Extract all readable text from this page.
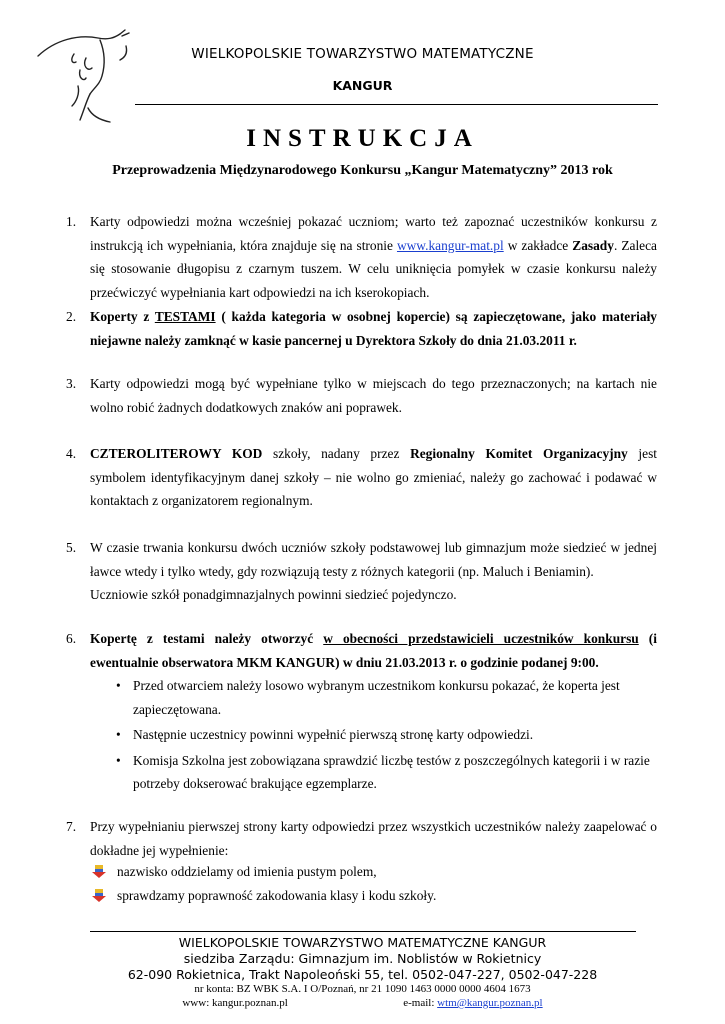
WIELKOPOLSKIE TOWARZYSTWO MATEMATYCZNE
KANGUR
INSTRUKCJA
Przeprowadzenia Międzynarodowego Konkursu „Kangur Matematyczny” 2013 rok
1. Karty odpowiedzi można wcześniej pokazać uczniom; warto też zapoznać uczestników konkursu z instrukcją ich wypełniania, która znajduje się na stronie www.kangur-mat.pl w zakładce Zasady. Zaleca się stosowanie długopisu z czarnym tuszem. W celu uniknięcia pomyłek w czasie konkursu należy przećwiczyć wypełniania kart odpowiedzi na ich kserokopiach.
2. Koperty z TESTAMI ( każda kategoria w osobnej kopercie) są zapieczętowane, jako materiały niejawne należy zamknąć w kasie pancernej u Dyrektora Szkoły do dnia 21.03.2011 r.
3. Karty odpowiedzi mogą być wypełniane tylko w miejscach do tego przeznaczonych; na kartach nie wolno robić żadnych dodatkowych znaków ani poprawek.
4. CZTEROLITEROWY KOD szkoły, nadany przez Regionalny Komitet Organizacyjny jest symbolem identyfikacyjnym danej szkoły – nie wolno go zmieniać, należy go zachować i podawać w kontaktach z organizatorem regionalnym.
5. W czasie trwania konkursu dwóch uczniów szkoły podstawowej lub gimnazjum może siedzieć w jednej ławce wtedy i tylko wtedy, gdy rozwiązują testy z różnych kategorii (np. Maluch i Beniamin).
Uczniowie szkół ponadgimnazjalnych powinni siedzieć pojedynczo.
6. Kopertę z testami należy otworzyć w obecności przedstawicieli uczestników konkursu (i ewentualnie obserwatora MKM KANGUR) w dniu 21.03.2013 r. o godzinie podanej 9:00.
• Przed otwarciem należy losowo wybranym uczestnikom konkursu pokazać, że koperta jest zapieczętowana.
• Następnie uczestnicy powinni wypełnić pierwszą stronę karty odpowiedzi.
• Komisja Szkolna jest zobowiązana sprawdzić liczbę testów z poszczególnych kategorii i w razie potrzeby dokserować brakujące egzemplarze.
7. Przy wypełnianiu pierwszej strony karty odpowiedzi przez wszystkich uczestników należy zaapelować o dokładne jej wypełnienie:
nazwisko oddzielamy od imienia pustym polem,
sprawdzamy poprawność zakodowania klasy i kodu szkoły.
WIELKOPOLSKIE TOWARZYSTWO MATEMATYCZNE KANGUR
siedziba Zarządu: Gimnazjum im. Noblistów w Rokietnicy
62-090 Rokietnica, Trakt Napoleoński 55, tel. 0502-047-227, 0502-047-228
nr konta: BZ WBK S.A. I O/Poznań, nr 21 1090 1463 0000 0000 4604 1673
www: kangur.poznan.pl	e-mail: wtm@kangur.poznan.pl
